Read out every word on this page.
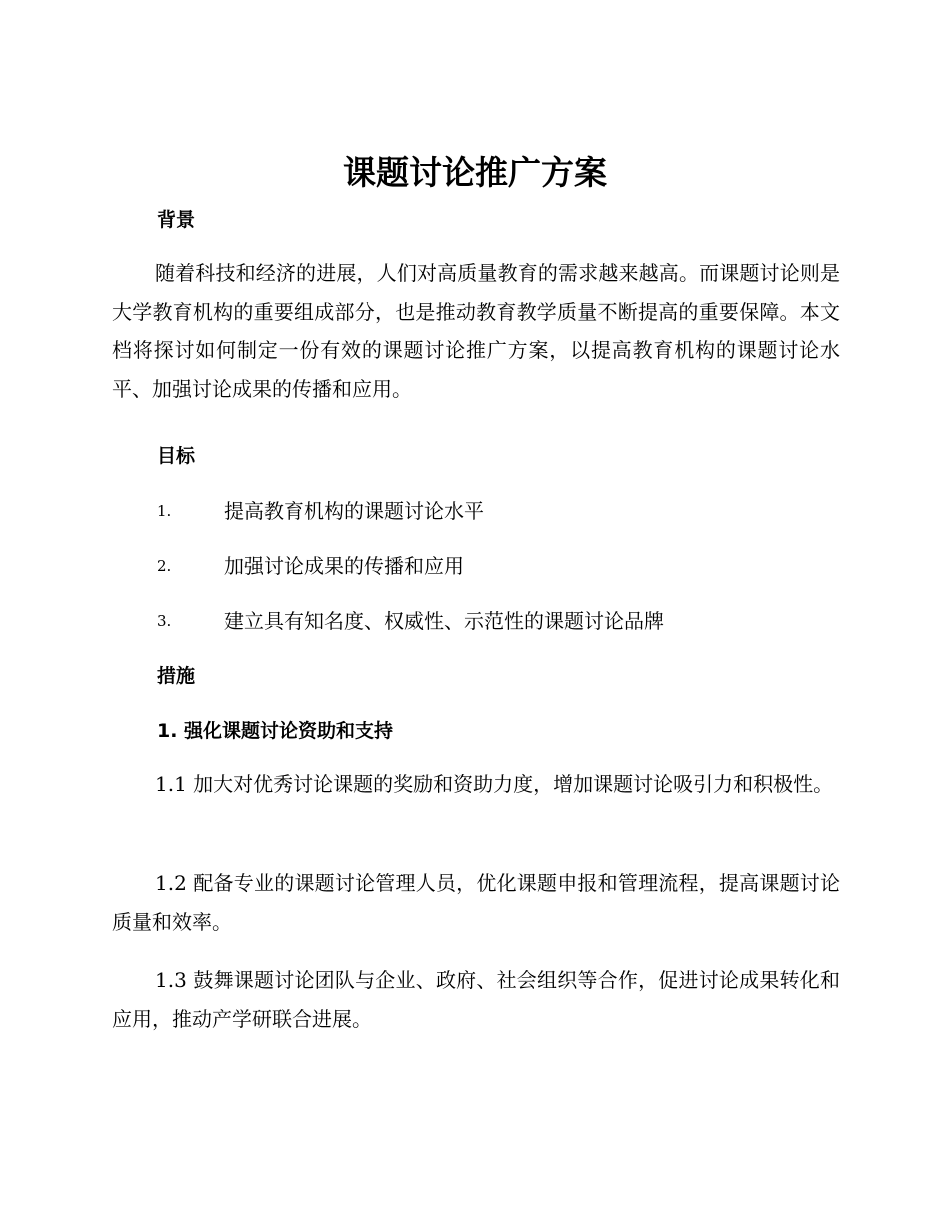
课题讨论推广方案
背景

随着科技和经济的进展，人们对高质量教育的需求越来越高。而课题讨论则是大学教育机构的重要组成部分，也是推动教育教学质量不断提高的重要保障。本文档将探讨如何制定一份有效的课题讨论推广方案，以提高教育机构的课题讨论水平、加强讨论成果的传播和应用。

目标
1.	提高教育机构的课题讨论水平
2.	加强讨论成果的传播和应用
3.	建立具有知名度、权威性、示范性的课题讨论品牌
措施
1. 强化课题讨论资助和支持

1.1 加大对优秀讨论课题的奖励和资助力度，增加课题讨论吸引力和积极性。

1.2 配备专业的课题讨论管理人员，优化课题申报和管理流程，提高课题讨论质量和效率。

1.3 鼓舞课题讨论团队与企业、政府、社会组织等合作，促进讨论成果转化和应用，推动产学研联合进展。
